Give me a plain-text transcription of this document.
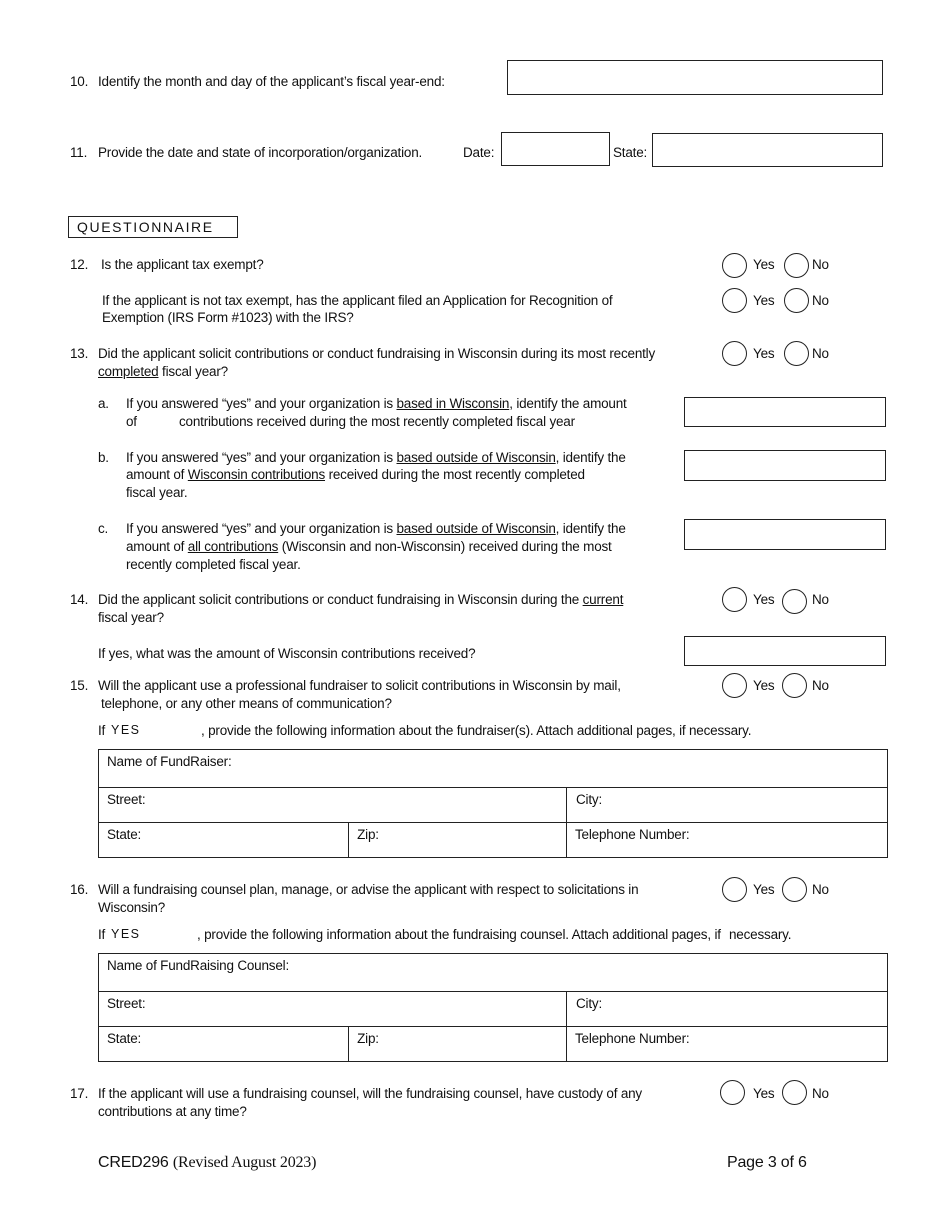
10. Identify the month and day of the applicant’s fiscal year-end:
11. Provide the date and state of incorporation/organization.	Date:	State:
QUESTIONNAIRE
12. Is the applicant tax exempt?	Yes	No
If the applicant is not tax exempt, has the applicant filed an Application for Recognition of
Exemption (IRS Form #1023) with the IRS?
Yes	No
13. Did the applicant solicit contributions or conduct fundraising in Wisconsin during its most recently
completed fiscal year?
Yes	No
a. If you answered “yes” and your organization is based in Wisconsin, identify the amount
of	contributions received during the most recently completed fiscal year
b. If you answered “yes” and your organization is based outside of Wisconsin, identify the
amount of Wisconsin contributions received during the most recently completed
fiscal year.
c. If you answered “yes” and your organization is based outside of Wisconsin, identify the
amount of all contributions (Wisconsin and non-Wisconsin) received during the most
recently completed fiscal year.
14. Did the applicant solicit contributions or conduct fundraising in Wisconsin during the current
fiscal year?
Yes	No
If yes, what was the amount of Wisconsin contributions received?
15. Will the applicant use a professional fundraiser to solicit contributions in Wisconsin by mail,
telephone, or any other means of communication?
Yes	No
If YES	, provide the following information about the fundraiser(s). Attach additional pages, if necessary.
Name of FundRaiser:		
Street:		City:
State:	Zip:	Telephone Number:
16. Will a fundraising counsel plan, manage, or advise the applicant with respect to solicitations in
Wisconsin?
Yes	No
If YES	, provide the following information about the fundraising counsel. Attach additional pages, if necessary.
Name of FundRaising Counsel:		
Street:		City:
State:	Zip:	Telephone Number:
17. If the applicant will use a fundraising counsel, will the fundraising counsel, have custody of any
contributions at any time?
Yes	No
CRED296 (Revised August 2023)	Page 3 of 6
